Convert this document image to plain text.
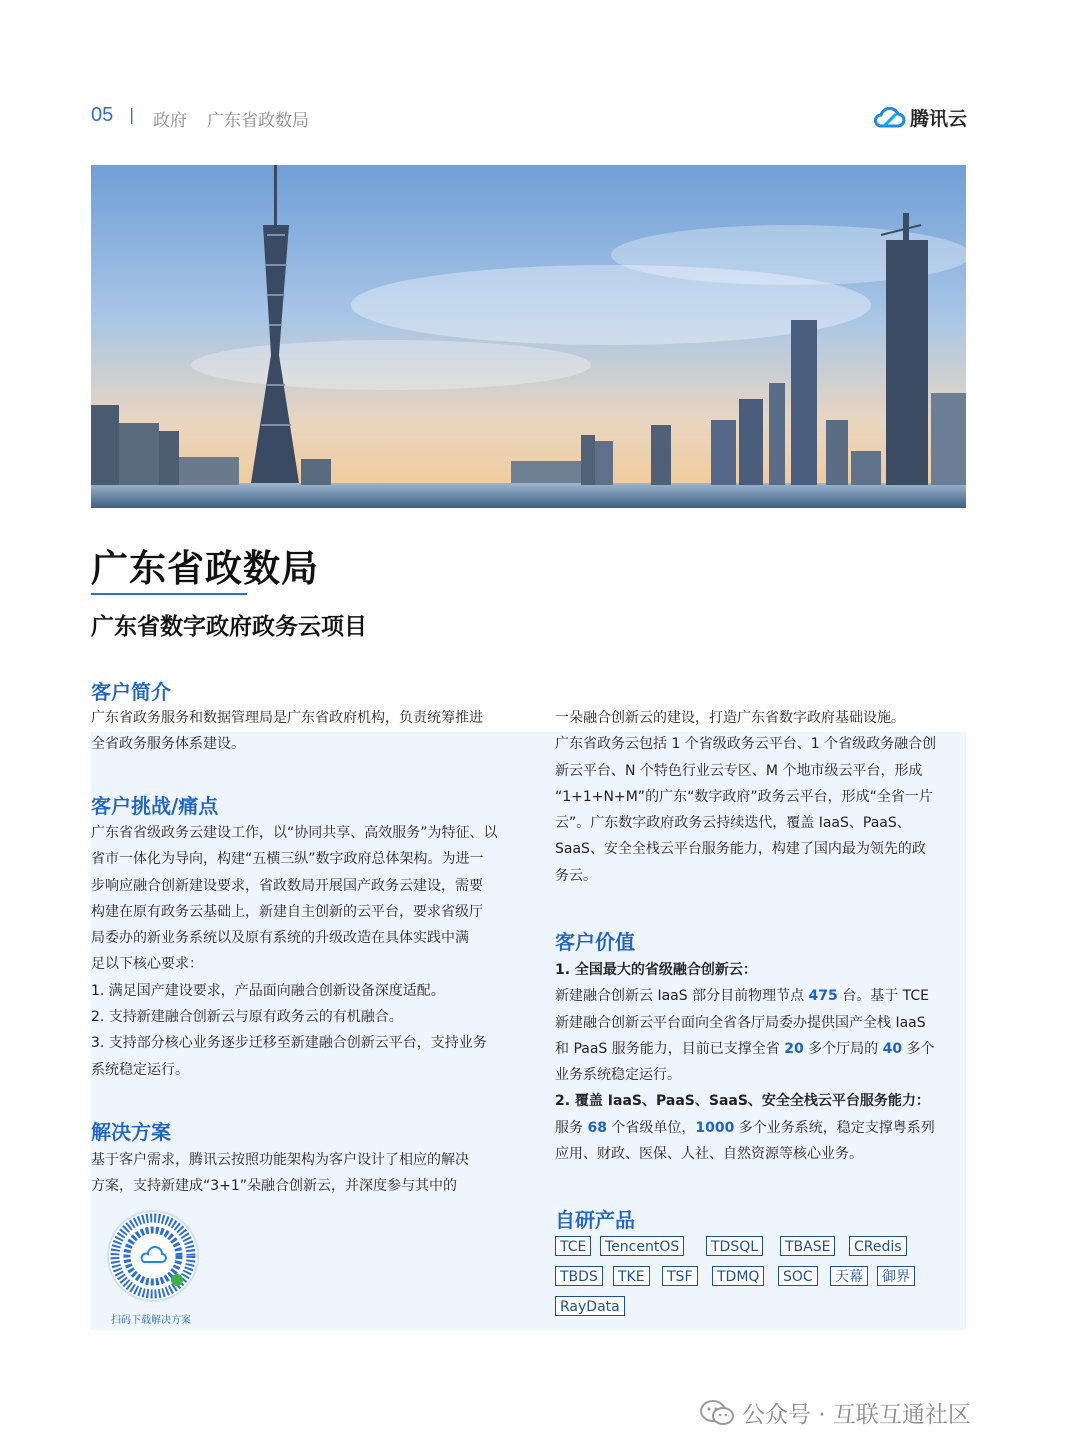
05 | 政府 广东省政数局	腾讯云
广东省政数局
广东省数字政府政务云项目
客户简介
广东省政务服务和数据管理局是广东省政府机构，负责统筹推进
全省政务服务体系建设。
客户挑战/痛点
广东省省级政务云建设工作，以“协同共享、高效服务”为特征、以
省市一体化为导向，构建“五横三纵”数字政府总体架构。为进一
步响应融合创新建设要求，省政数局开展国产政务云建设，需要
构建在原有政务云基础上，新建自主创新的云平台，要求省级厅
局委办的新业务系统以及原有系统的升级改造在具体实践中满
足以下核心要求：
1. 满足国产建设要求，产品面向融合创新设备深度适配。
2. 支持新建融合创新云与原有政务云的有机融合。
3. 支持部分核心业务逐步迁移至新建融合创新云平台，支持业务
系统稳定运行。
解决方案
基于客户需求，腾讯云按照功能架构为客户设计了相应的解决
方案，支持新建成“3+1”朵融合创新云，并深度参与其中的
扫码下载解决方案
一朵融合创新云的建设，打造广东省数字政府基础设施。
广东省政务云包括 1 个省级政务云平台、1 个省级政务融合创
新云平台、N 个特色行业云专区、M 个地市级云平台，形成
“1+1+N+M”的广东“数字政府”政务云平台，形成“全省一片
云”。广东数字政府政务云持续迭代，覆盖 IaaS、PaaS、
SaaS、安全全栈云平台服务能力，构建了国内最为领先的政
务云。
客户价值
1. 全国最大的省级融合创新云：
新建融合创新云 IaaS 部分目前物理节点 475 台。基于 TCE
新建融合创新云平台面向全省各厅局委办提供国产全栈 IaaS
和 PaaS 服务能力，目前已支撑全省 20 多个厅局的 40 多个
业务系统稳定运行。
2. 覆盖 IaaS、PaaS、SaaS、安全全栈云平台服务能力：
服务 68 个省级单位，1000 多个业务系统，稳定支撑粤系列
应用、财政、医保、人社、自然资源等核心业务。
自研产品
TCE	TencentOS	TDSQL	TBASE	CRedis
TBDS	TKE	TSF	TDMQ	SOC	天幕	御界
RayData
公众号 · 互联互通社区
